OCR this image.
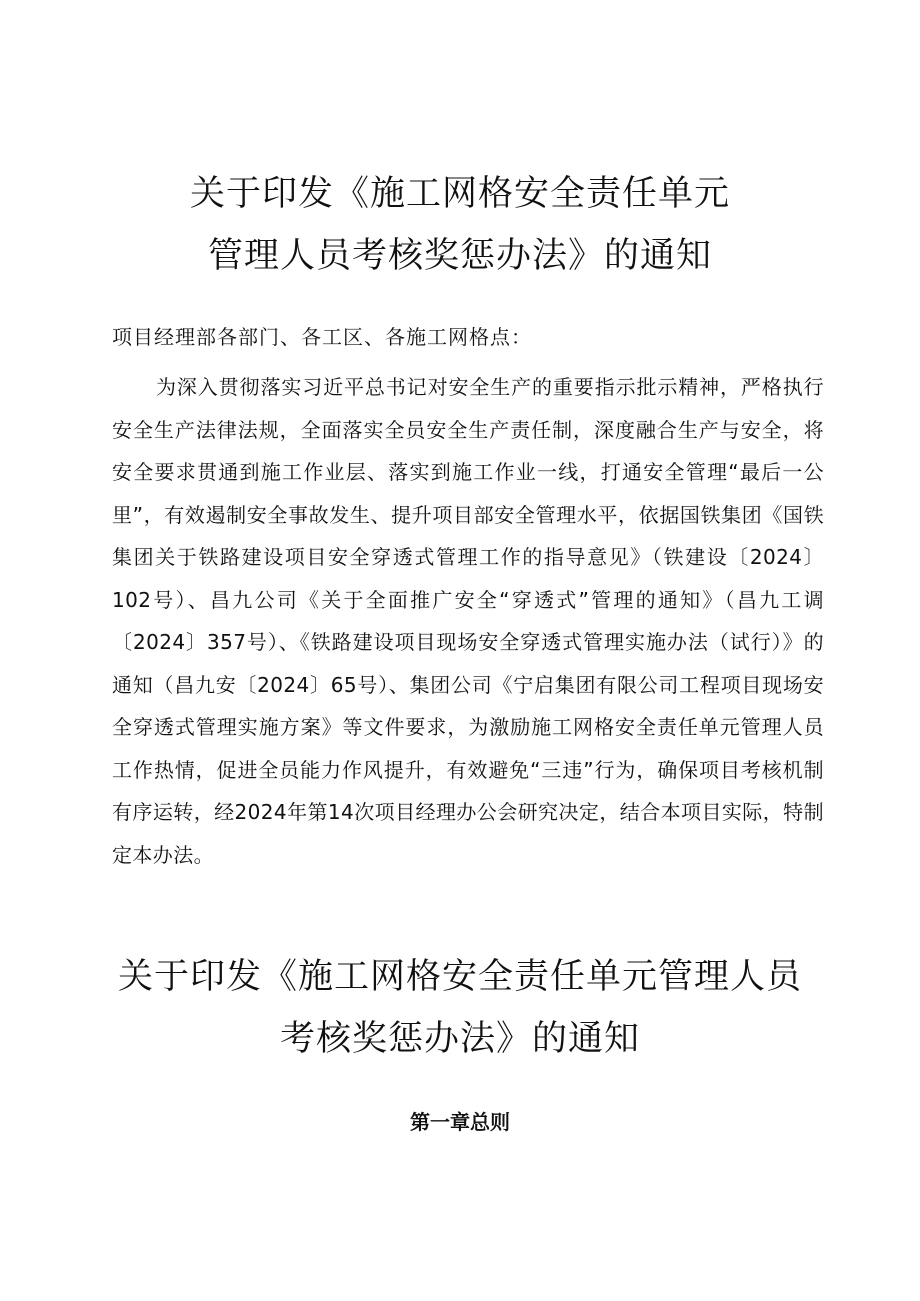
关于印发《施工网格安全责任单元
管理人员考核奖惩办法》的通知

项目经理部各部门、各工区、各施工网格点：

为深入贯彻落实习近平总书记对安全生产的重要指示批示精神，严格执行安全生产法律法规，全面落实全员安全生产责任制，深度融合生产与安全，将安全要求贯通到施工作业层、落实到施工作业一线，打通安全管理“最后一公里”，有效遏制安全事故发生、提升项目部安全管理水平，依据国铁集团《国铁集团关于铁路建设项目安全穿透式管理工作的指导意见》（铁建设〔2024〕102号）、昌九公司《关于全面推广安全“穿透式”管理的通知》（昌九工调〔2024〕357号）、《铁路建设项目现场安全穿透式管理实施办法（试行）》的通知（昌九安〔2024〕65号）、集团公司《宁启集团有限公司工程项目现场安全穿透式管理实施方案》等文件要求，为激励施工网格安全责任单元管理人员工作热情，促进全员能力作风提升，有效避免“三违”行为，确保项目考核机制有序运转，经2024年第14次项目经理办公会研究决定，结合本项目实际，特制定本办法。

关于印发《施工网格安全责任单元管理人员
考核奖惩办法》的通知
第一章总则
